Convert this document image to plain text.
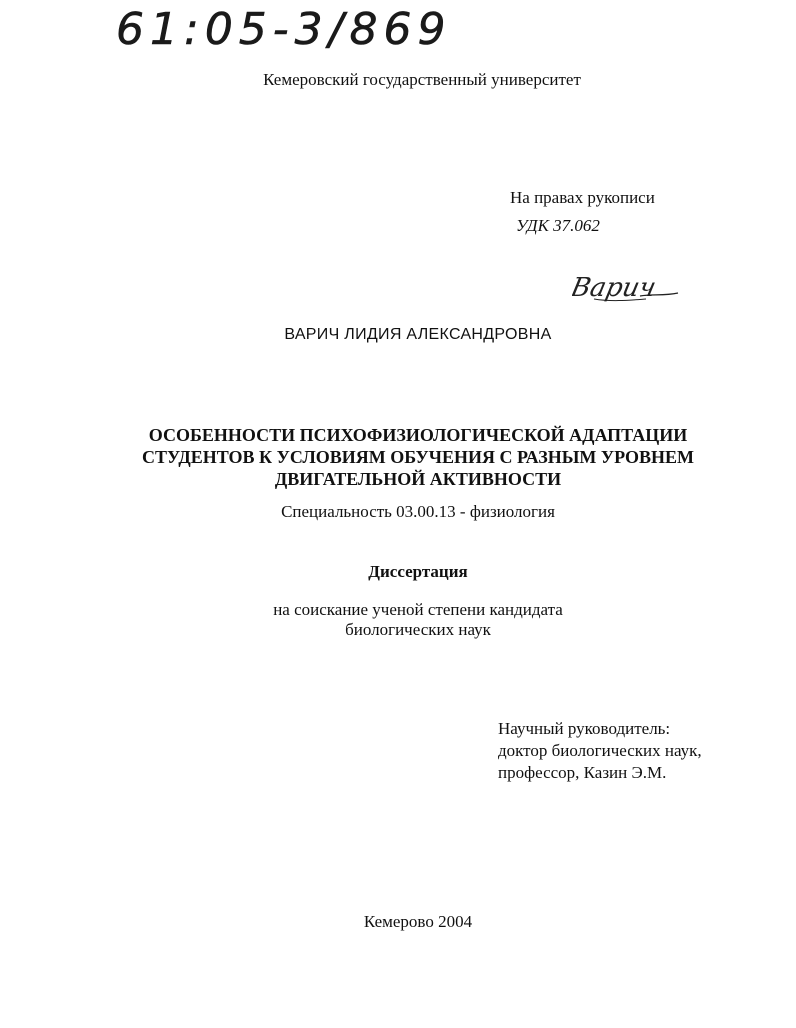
61:05-3/869
Кемеровский государственный университет
На правах рукописи
УДК 37.062
Варич
ВАРИЧ ЛИДИЯ АЛЕКСАНДРОВНА
ОСОБЕННОСТИ ПСИХОФИЗИОЛОГИЧЕСКОЙ АДАПТАЦИИ
СТУДЕНТОВ К УСЛОВИЯМ ОБУЧЕНИЯ С РАЗНЫМ УРОВНЕМ
ДВИГАТЕЛЬНОЙ АКТИВНОСТИ
Специальность 03.00.13 - физиология
Диссертация
на соискание ученой степени кандидата
биологических наук
Научный руководитель:
доктор биологических наук,
профессор, Казин Э.М.
Кемерово 2004
